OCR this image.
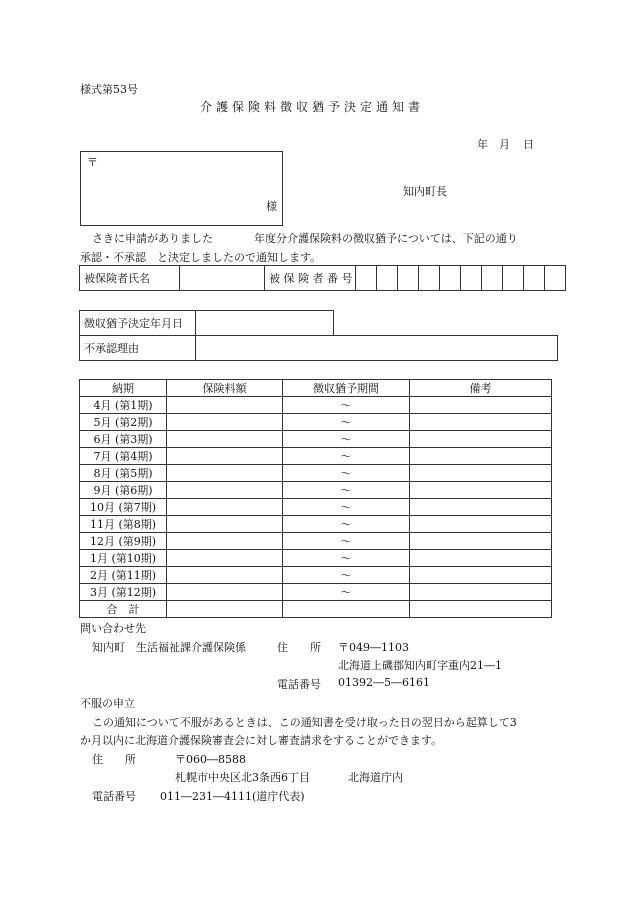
様式第53号
介護保険料徴収猶予決定通知書
年 月 日
〒
様
知内町長
さきに申請がありました	年度分介護保険料の徴収猶予については、下記の通り
承認・不承認　と決定しましたので通知します。
被保険者氏名		被 保 険 者 番 号										
徴収猶予決定年月日		
不承認理由		
納期	保険料額	徴収猶予期間	備考
4月 (第1期)		〜	
5月 (第2期)		〜	
6月 (第3期)		〜	
7月 (第4期)		〜	
8月 (第5期)		〜	
9月 (第6期)		〜	
10月 (第7期)		〜	
11月 (第8期)		〜	
12月 (第9期)		〜	
1月 (第10期)		〜	
2月 (第11期)		〜	
3月 (第12期)		〜	
合　計			
問い合わせ先
知内町　生活福祉課介護保険係	住　　所 〒049―1103
北海道上磯郡知内町字重内21―1
電話番号 01392―5―6161
不服の申立
この通知について不服があるときは、この通知書を受け取った日の翌日から起算して3
か月以内に北海道介護保険審査会に対し審査請求をすることができます。
住　　所	〒060―8588
札幌市中央区北3条西6丁目	北海道庁内
電話番号 011―231―4111(道庁代表)
